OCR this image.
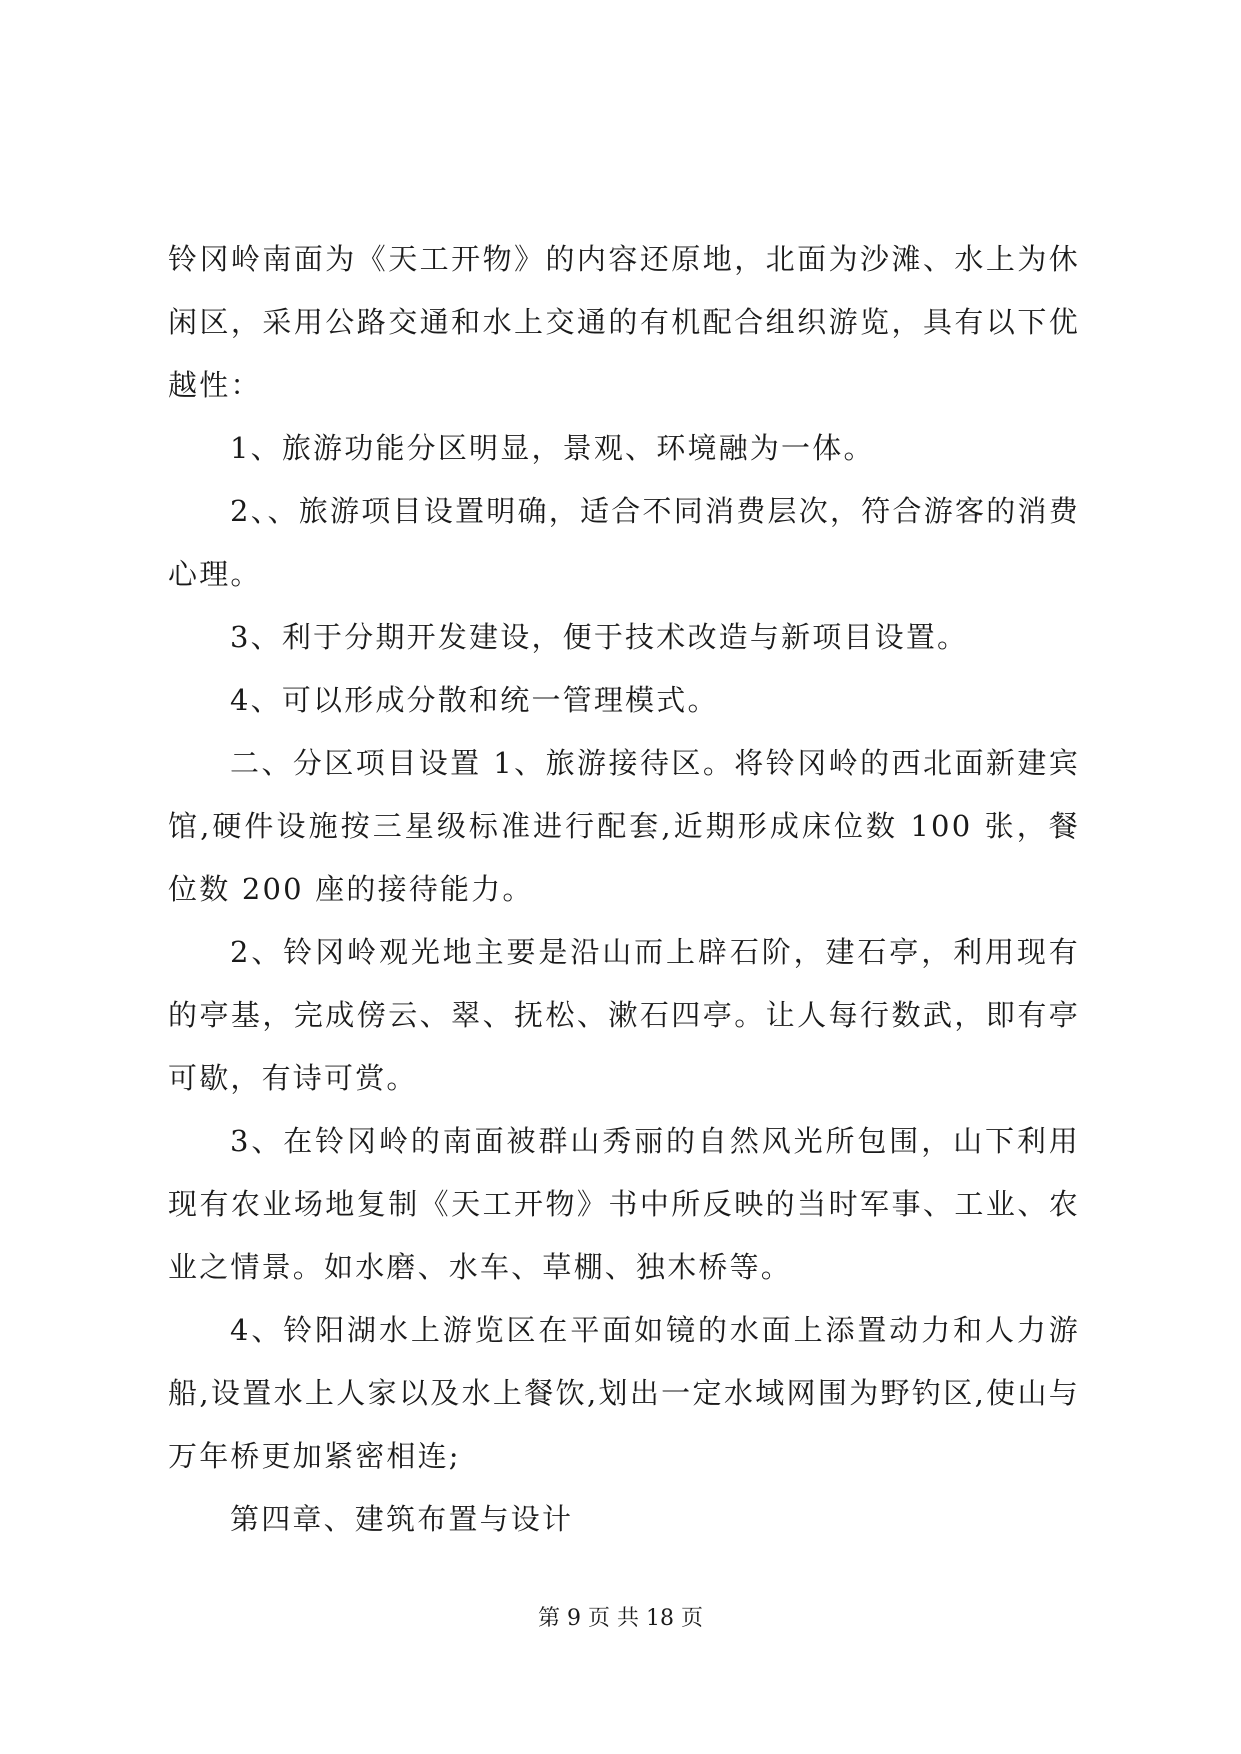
铃冈岭南面为《天工开物》的内容还原地，北面为沙滩、水上为休闲区，采用公路交通和水上交通的有机配合组织游览，具有以下优越性：

1、旅游功能分区明显，景观、环境融为一体。

2、、旅游项目设置明确，适合不同消费层次，符合游客的消费心理。

3、利于分期开发建设，便于技术改造与新项目设置。

4、可以形成分散和统一管理模式。

二、分区项目设置 1、旅游接待区。将铃冈岭的西北面新建宾馆,硬件设施按三星级标准进行配套,近期形成床位数 100 张，餐位数 200 座的接待能力。

2、铃冈岭观光地主要是沿山而上辟石阶，建石亭，利用现有的亭基，完成傍云、翠、抚松、漱石四亭。让人每行数武，即有亭可歇，有诗可赏。

3、在铃冈岭的南面被群山秀丽的自然风光所包围，山下利用现有农业场地复制《天工开物》书中所反映的当时军事、工业、农业之情景。如水磨、水车、草棚、独木桥等。

4、铃阳湖水上游览区在平面如镜的水面上添置动力和人力游船,设置水上人家以及水上餐饮,划出一定水域网围为野钓区,使山与万年桥更加紧密相连;

第四章、建筑布置与设计

第 9 页 共 18 页
